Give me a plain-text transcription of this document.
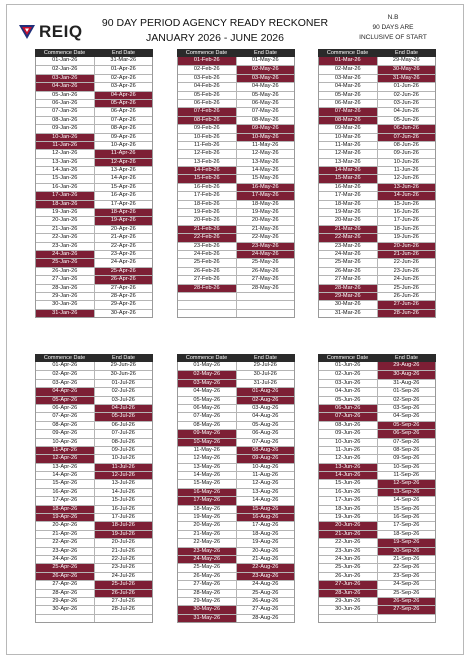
REIQ 90 DAY PERIOD AGENCY READY RECKONER
JANUARY 2026 - JUNE 2026
N.B
90 DAYS ARE
INCLUSIVE OF START
Commence Date	End Date
01-Jan-26	31-Mar-26
02-Jan-26	01-Apr-26
03-Jan-26	02-Apr-26
04-Jan-26	03-Apr-26
05-Jan-26	04-Apr-26
06-Jan-26	05-Apr-26
07-Jan-26	06-Apr-26
08-Jan-26	07-Apr-26
09-Jan-26	08-Apr-26
10-Jan-26	09-Apr-26
11-Jan-26	10-Apr-26
12-Jan-26	11-Apr-26
13-Jan-26	12-Apr-26
14-Jan-26	13-Apr-26
15-Jan-26	14-Apr-26
16-Jan-26	15-Apr-26
17-Jan-26	16-Apr-26
18-Jan-26	17-Apr-26
19-Jan-26	18-Apr-26
20-Jan-26	19-Apr-26
21-Jan-26	20-Apr-26
22-Jan-26	21-Apr-26
23-Jan-26	22-Apr-26
24-Jan-26	23-Apr-26
25-Jan-26	24-Apr-26
26-Jan-26	25-Apr-26
27-Jan-26	26-Apr-26
28-Jan-26	27-Apr-26
29-Jan-26	28-Apr-26
30-Jan-26	29-Apr-26
31-Jan-26	30-Apr-26
Commence Date	End Date
01-Feb-26	01-May-26
02-Feb-26	02-May-26
03-Feb-26	03-May-26
04-Feb-26	04-May-26
05-Feb-26	05-May-26
06-Feb-26	06-May-26
07-Feb-26	07-May-26
08-Feb-26	08-May-26
09-Feb-26	09-May-26
10-Feb-26	10-May-26
11-Feb-26	11-May-26
12-Feb-26	12-May-26
13-Feb-26	13-May-26
14-Feb-26	14-May-26
15-Feb-26	15-May-26
16-Feb-26	16-May-26
17-Feb-26	17-May-26
18-Feb-26	18-May-26
19-Feb-26	19-May-26
20-Feb-26	20-May-26
21-Feb-26	21-May-26
22-Feb-26	22-May-26
23-Feb-26	23-May-26
24-Feb-26	24-May-26
25-Feb-26	25-May-26
26-Feb-26	26-May-26
27-Feb-26	27-May-26
28-Feb-26	28-May-26
Commence Date	End Date
01-Mar-26	29-May-26
02-Mar-26	30-May-26
03-Mar-26	31-May-26
04-Mar-26	01-Jun-26
05-Mar-26	02-Jun-26
06-Mar-26	03-Jun-26
07-Mar-26	04-Jun-26
08-Mar-26	05-Jun-26
09-Mar-26	06-Jun-26
10-Mar-26	07-Jun-26
11-Mar-26	08-Jun-26
12-Mar-26	09-Jun-26
13-Mar-26	10-Jun-26
14-Mar-26	11-Jun-26
15-Mar-26	12-Jun-26
16-Mar-26	13-Jun-26
17-Mar-26	14-Jun-26
18-Mar-26	15-Jun-26
19-Mar-26	16-Jun-26
20-Mar-26	17-Jun-26
21-Mar-26	18-Jun-26
22-Mar-26	19-Jun-26
23-Mar-26	20-Jun-26
24-Mar-26	21-Jun-26
25-Mar-26	22-Jun-26
26-Mar-26	23-Jun-26
27-Mar-26	24-Jun-26
28-Mar-26	25-Jun-26
29-Mar-26	26-Jun-26
30-Mar-26	27-Jun-26
31-Mar-26	28-Jun-26
Commence Date	End Date
01-Apr-26	29-Jun-26
02-Apr-26	30-Jun-26
03-Apr-26	01-Jul-26
04-Apr-26	02-Jul-26
05-Apr-26	03-Jul-26
06-Apr-26	04-Jul-26
07-Apr-26	05-Jul-26
08-Apr-26	06-Jul-26
09-Apr-26	07-Jul-26
10-Apr-26	08-Jul-26
11-Apr-26	09-Jul-26
12-Apr-26	10-Jul-26
13-Apr-26	11-Jul-26
14-Apr-26	12-Jul-26
15-Apr-26	13-Jul-26
16-Apr-26	14-Jul-26
17-Apr-26	15-Jul-26
18-Apr-26	16-Jul-26
19-Apr-26	17-Jul-26
20-Apr-26	18-Jul-26
21-Apr-26	19-Jul-26
22-Apr-26	20-Jul-26
23-Apr-26	21-Jul-26
24-Apr-26	22-Jul-26
25-Apr-26	23-Jul-26
26-Apr-26	24-Jul-26
27-Apr-26	25-Jul-26
28-Apr-26	26-Jul-26
29-Apr-26	27-Jul-26
30-Apr-26	28-Jul-26
Commence Date	End Date
01-May-26	29-Jul-26
02-May-26	30-Jul-26
03-May-26	31-Jul-26
04-May-26	01-Aug-26
05-May-26	02-Aug-26
06-May-26	03-Aug-26
07-May-26	04-Aug-26
08-May-26	05-Aug-26
09-May-26	06-Aug-26
10-May-26	07-Aug-26
11-May-26	08-Aug-26
12-May-26	09-Aug-26
13-May-26	10-Aug-26
14-May-26	11-Aug-26
15-May-26	12-Aug-26
16-May-26	13-Aug-26
17-May-26	14-Aug-26
18-May-26	15-Aug-26
19-May-26	16-Aug-26
20-May-26	17-Aug-26
21-May-26	18-Aug-26
22-May-26	19-Aug-26
23-May-26	20-Aug-26
24-May-26	21-Aug-26
25-May-26	22-Aug-26
26-May-26	23-Aug-26
27-May-26	24-Aug-26
28-May-26	25-Aug-26
29-May-26	26-Aug-26
30-May-26	27-Aug-26
31-May-26	28-Aug-26
Commence Date	End Date
01-Jun-26	29-Aug-26
02-Jun-26	30-Aug-26
03-Jun-26	31-Aug-26
04-Jun-26	01-Sep-26
05-Jun-26	02-Sep-26
06-Jun-26	03-Sep-26
07-Jun-26	04-Sep-26
08-Jun-26	05-Sep-26
09-Jun-26	06-Sep-26
10-Jun-26	07-Sep-26
11-Jun-26	08-Sep-26
12-Jun-26	09-Sep-26
13-Jun-26	10-Sep-26
14-Jun-26	11-Sep-26
15-Jun-26	12-Sep-26
16-Jun-26	13-Sep-26
17-Jun-26	14-Sep-26
18-Jun-26	15-Sep-26
19-Jun-26	16-Sep-26
20-Jun-26	17-Sep-26
21-Jun-26	18-Sep-26
22-Jun-26	19-Sep-26
23-Jun-26	20-Sep-26
24-Jun-26	21-Sep-26
25-Jun-26	22-Sep-26
26-Jun-26	23-Sep-26
27-Jun-26	24-Sep-26
28-Jun-26	25-Sep-26
29-Jun-26	26-Sep-26
30-Jun-26	27-Sep-26
